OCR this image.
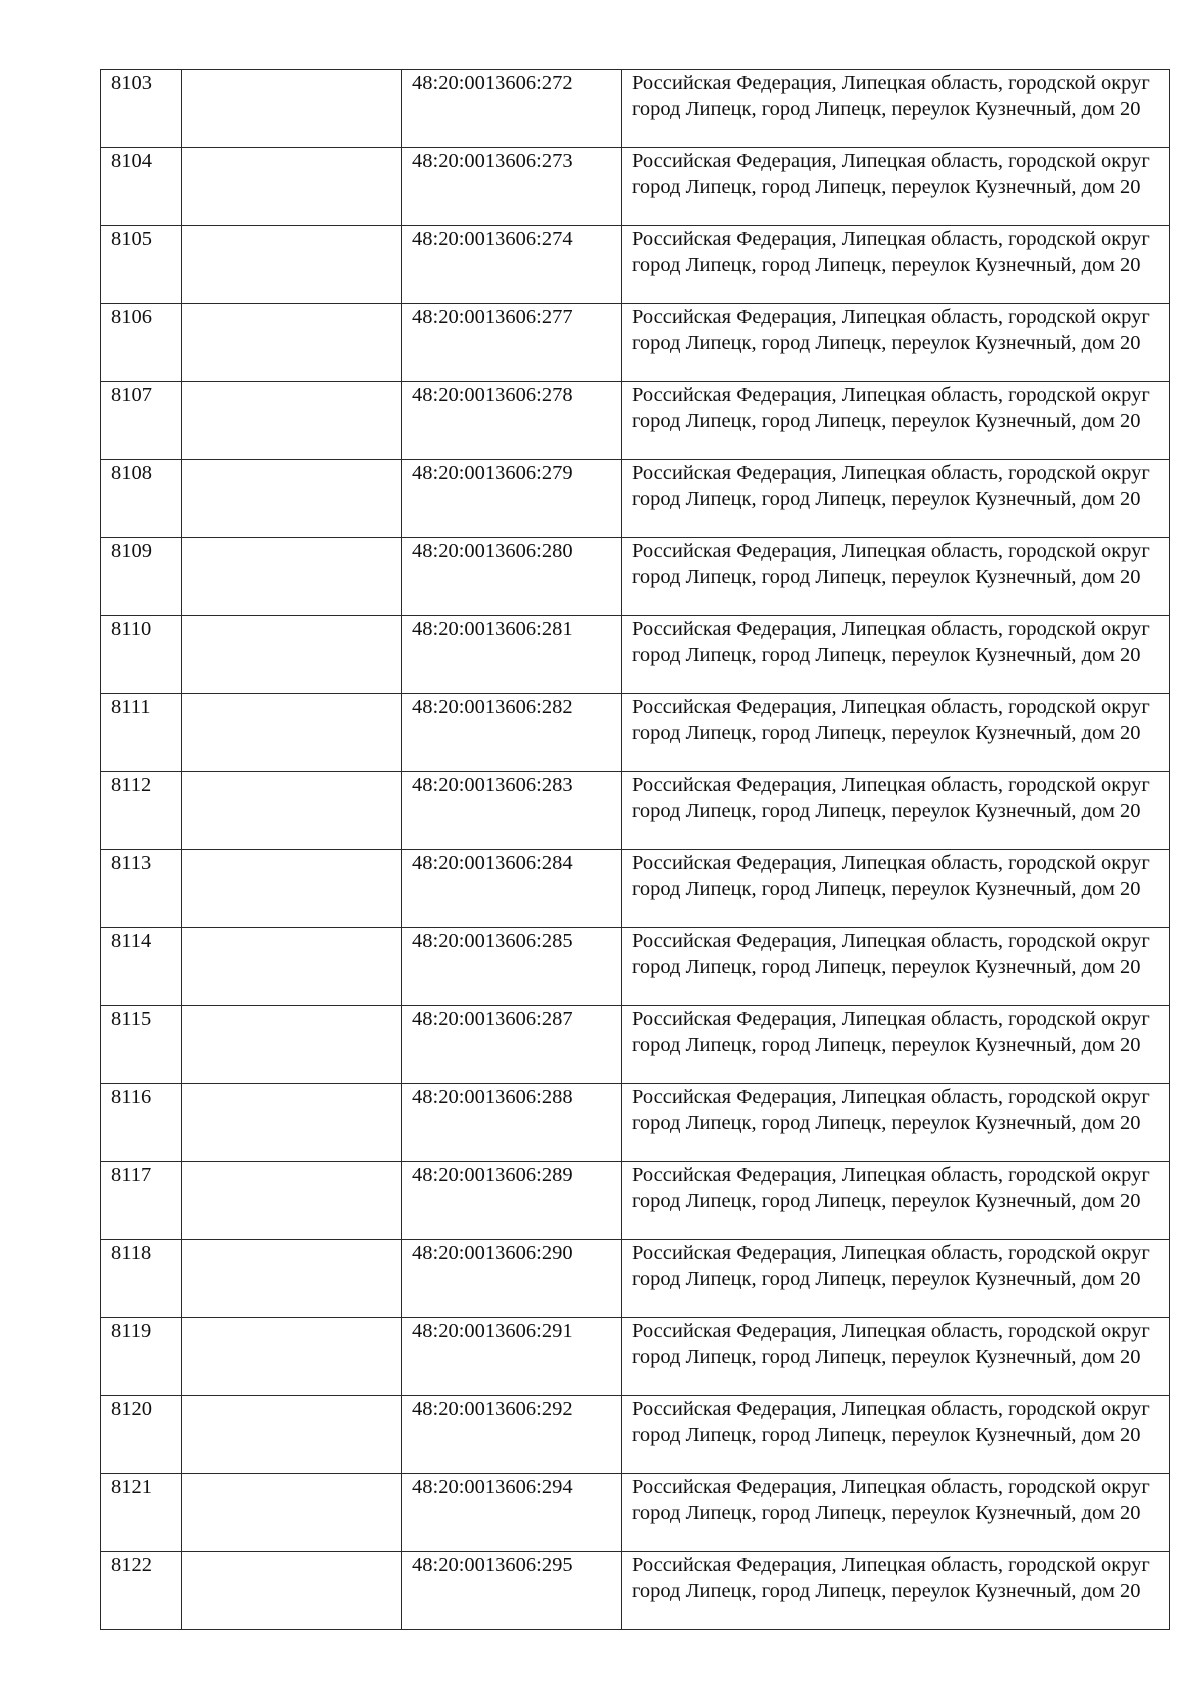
8103		48:20:0013606:272	Российская Федерация, Липецкая область, городской округ город Липецк, город Липецк, переулок Кузнечный, дом 20
8104		48:20:0013606:273	Российская Федерация, Липецкая область, городской округ город Липецк, город Липецк, переулок Кузнечный, дом 20
8105		48:20:0013606:274	Российская Федерация, Липецкая область, городской округ город Липецк, город Липецк, переулок Кузнечный, дом 20
8106		48:20:0013606:277	Российская Федерация, Липецкая область, городской округ город Липецк, город Липецк, переулок Кузнечный, дом 20
8107		48:20:0013606:278	Российская Федерация, Липецкая область, городской округ город Липецк, город Липецк, переулок Кузнечный, дом 20
8108		48:20:0013606:279	Российская Федерация, Липецкая область, городской округ город Липецк, город Липецк, переулок Кузнечный, дом 20
8109		48:20:0013606:280	Российская Федерация, Липецкая область, городской округ город Липецк, город Липецк, переулок Кузнечный, дом 20
8110		48:20:0013606:281	Российская Федерация, Липецкая область, городской округ город Липецк, город Липецк, переулок Кузнечный, дом 20
8111		48:20:0013606:282	Российская Федерация, Липецкая область, городской округ город Липецк, город Липецк, переулок Кузнечный, дом 20
8112		48:20:0013606:283	Российская Федерация, Липецкая область, городской округ город Липецк, город Липецк, переулок Кузнечный, дом 20
8113		48:20:0013606:284	Российская Федерация, Липецкая область, городской округ город Липецк, город Липецк, переулок Кузнечный, дом 20
8114		48:20:0013606:285	Российская Федерация, Липецкая область, городской округ город Липецк, город Липецк, переулок Кузнечный, дом 20
8115		48:20:0013606:287	Российская Федерация, Липецкая область, городской округ город Липецк, город Липецк, переулок Кузнечный, дом 20
8116		48:20:0013606:288	Российская Федерация, Липецкая область, городской округ город Липецк, город Липецк, переулок Кузнечный, дом 20
8117		48:20:0013606:289	Российская Федерация, Липецкая область, городской округ город Липецк, город Липецк, переулок Кузнечный, дом 20
8118		48:20:0013606:290	Российская Федерация, Липецкая область, городской округ город Липецк, город Липецк, переулок Кузнечный, дом 20
8119		48:20:0013606:291	Российская Федерация, Липецкая область, городской округ город Липецк, город Липецк, переулок Кузнечный, дом 20
8120		48:20:0013606:292	Российская Федерация, Липецкая область, городской округ город Липецк, город Липецк, переулок Кузнечный, дом 20
8121		48:20:0013606:294	Российская Федерация, Липецкая область, городской округ город Липецк, город Липецк, переулок Кузнечный, дом 20
8122		48:20:0013606:295	Российская Федерация, Липецкая область, городской округ город Липецк, город Липецк, переулок Кузнечный, дом 20
